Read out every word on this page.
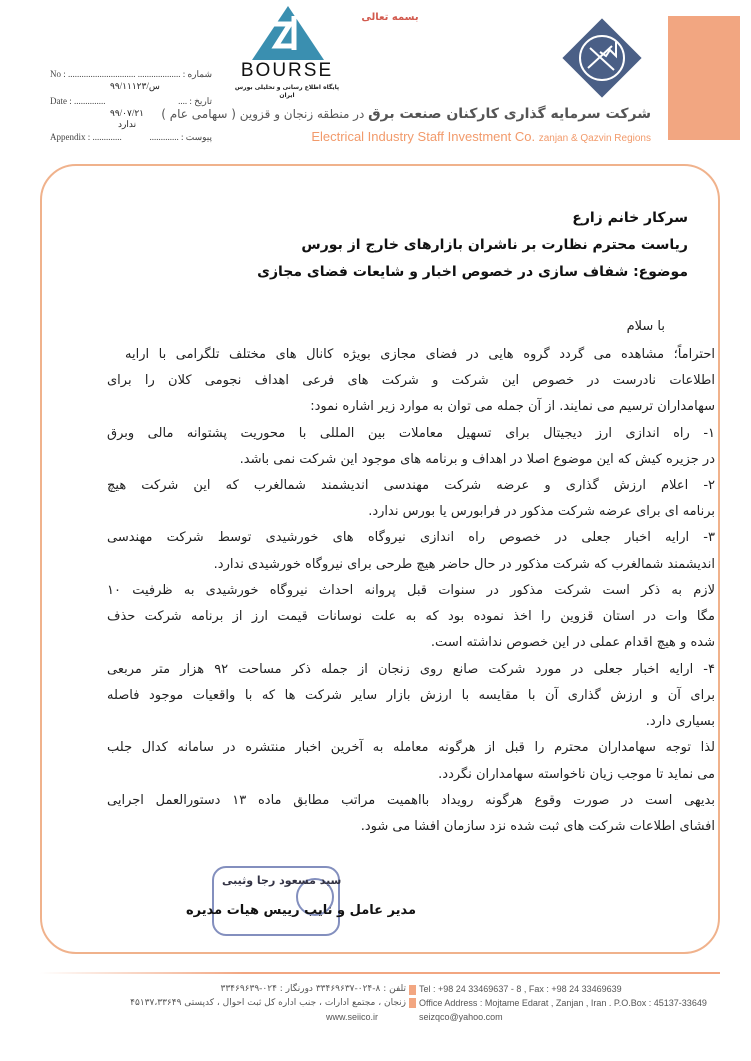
بسمه تعالی
شرکت سرمایه گذاری کارکنان صنعت برق در منطقه زنجان و قزوین ( سهامی عام )
Electrical Industry Staff Investment Co. zanjan & Qazvin Regions
BOURSE
پایگاه اطلاع رسانی و تحلیلی بورس ایران
No : .............................. شماره : ...................
س/۹۹/۱۱۱۲۳
Date : ..............	تاریخ : ....
۹۹/۰۷/۲۱
ندارد
Appendix : .............	پیوست : .............
سرکار خانم زارع
ریاست محترم نظارت بر ناشران بازارهای خارج از بورس
موضوع: شفاف سازی در خصوص اخبار و شایعات فضای مجازی
با سلام
احتراماً؛ مشاهده می گردد گروه هایی در فضای مجازی بویژه کانال های مختلف تلگرامی با ارایه
اطلاعات نادرست در خصوص این شرکت و شرکت های فرعی اهداف نجومی کلان را برای
سهامداران ترسیم می نمایند. از آن جمله می توان به موارد زیر اشاره نمود:
۱- راه اندازی ارز دیجیتال برای تسهیل معاملات بین المللی با محوریت پشتوانه مالی وبرق
در جزیره کیش که این موضوع اصلا در اهداف و برنامه های موجود این شرکت نمی باشد.
۲- اعلام ارزش گذاری و عرضه شرکت مهندسی اندیشمند شمالغرب که این شرکت هیچ
برنامه ای برای عرضه شرکت مذکور در فرابورس یا بورس ندارد.
۳- ارایه اخبار جعلی در خصوص راه اندازی نیروگاه های خورشیدی توسط شرکت مهندسی
اندیشمند شمالغرب که شرکت مذکور در حال حاضر هیچ طرحی برای نیروگاه خورشیدی ندارد.
لازم به ذکر است شرکت مذکور در سنوات قبل پروانه احداث نیروگاه خورشیدی به ظرفیت ۱۰
مگا وات در استان قزوین را اخذ نموده بود که به علت نوسانات قیمت ارز از برنامه شرکت حذف
شده و هیچ اقدام عملی در این خصوص نداشته است.
۴- ارایه اخبار جعلی در مورد شرکت صانع روی زنجان از جمله ذکر مساحت ۹۲ هزار متر مربعی
برای آن و ارزش گذاری آن با مقایسه با ارزش بازار سایر شرکت ها که با واقعیات موجود فاصله
بسیاری دارد.
لذا توجه سهامداران محترم را قبل از هرگونه معامله به آخرین اخبار منتشره در سامانه کدال جلب
می نماید تا موجب زیان ناخواسته سهامداران نگردد.
بدیهی است در صورت وقوع هرگونه رویداد بااهمیت مراتب مطابق ماده ۱۳ دستورالعمل اجرایی
افشای اطلاعات شرکت های ثبت شده نزد سازمان افشا می شود.
سید مسعود رجا وثیبی
مدیر عامل و نایب رییس هیات مدیره
تلفن : ۸-۰۲۴-۳۳۴۶۹۶۳۷ دورنگار : ۰۲۴-۳۳۴۶۹۶۳۹
زنجان ، مجتمع ادارات ، جنب اداره کل ثبت احوال ، کدپستی ۴۵۱۳۷،۳۳۶۴۹
www.seiico.ir
Tel : +98 24 33469637 - 8 , Fax : +98 24 33469639
Office Address : Mojtame Edarat , Zanjan , Iran . P.O.Box : 45137-33649
seizqco@yahoo.com
